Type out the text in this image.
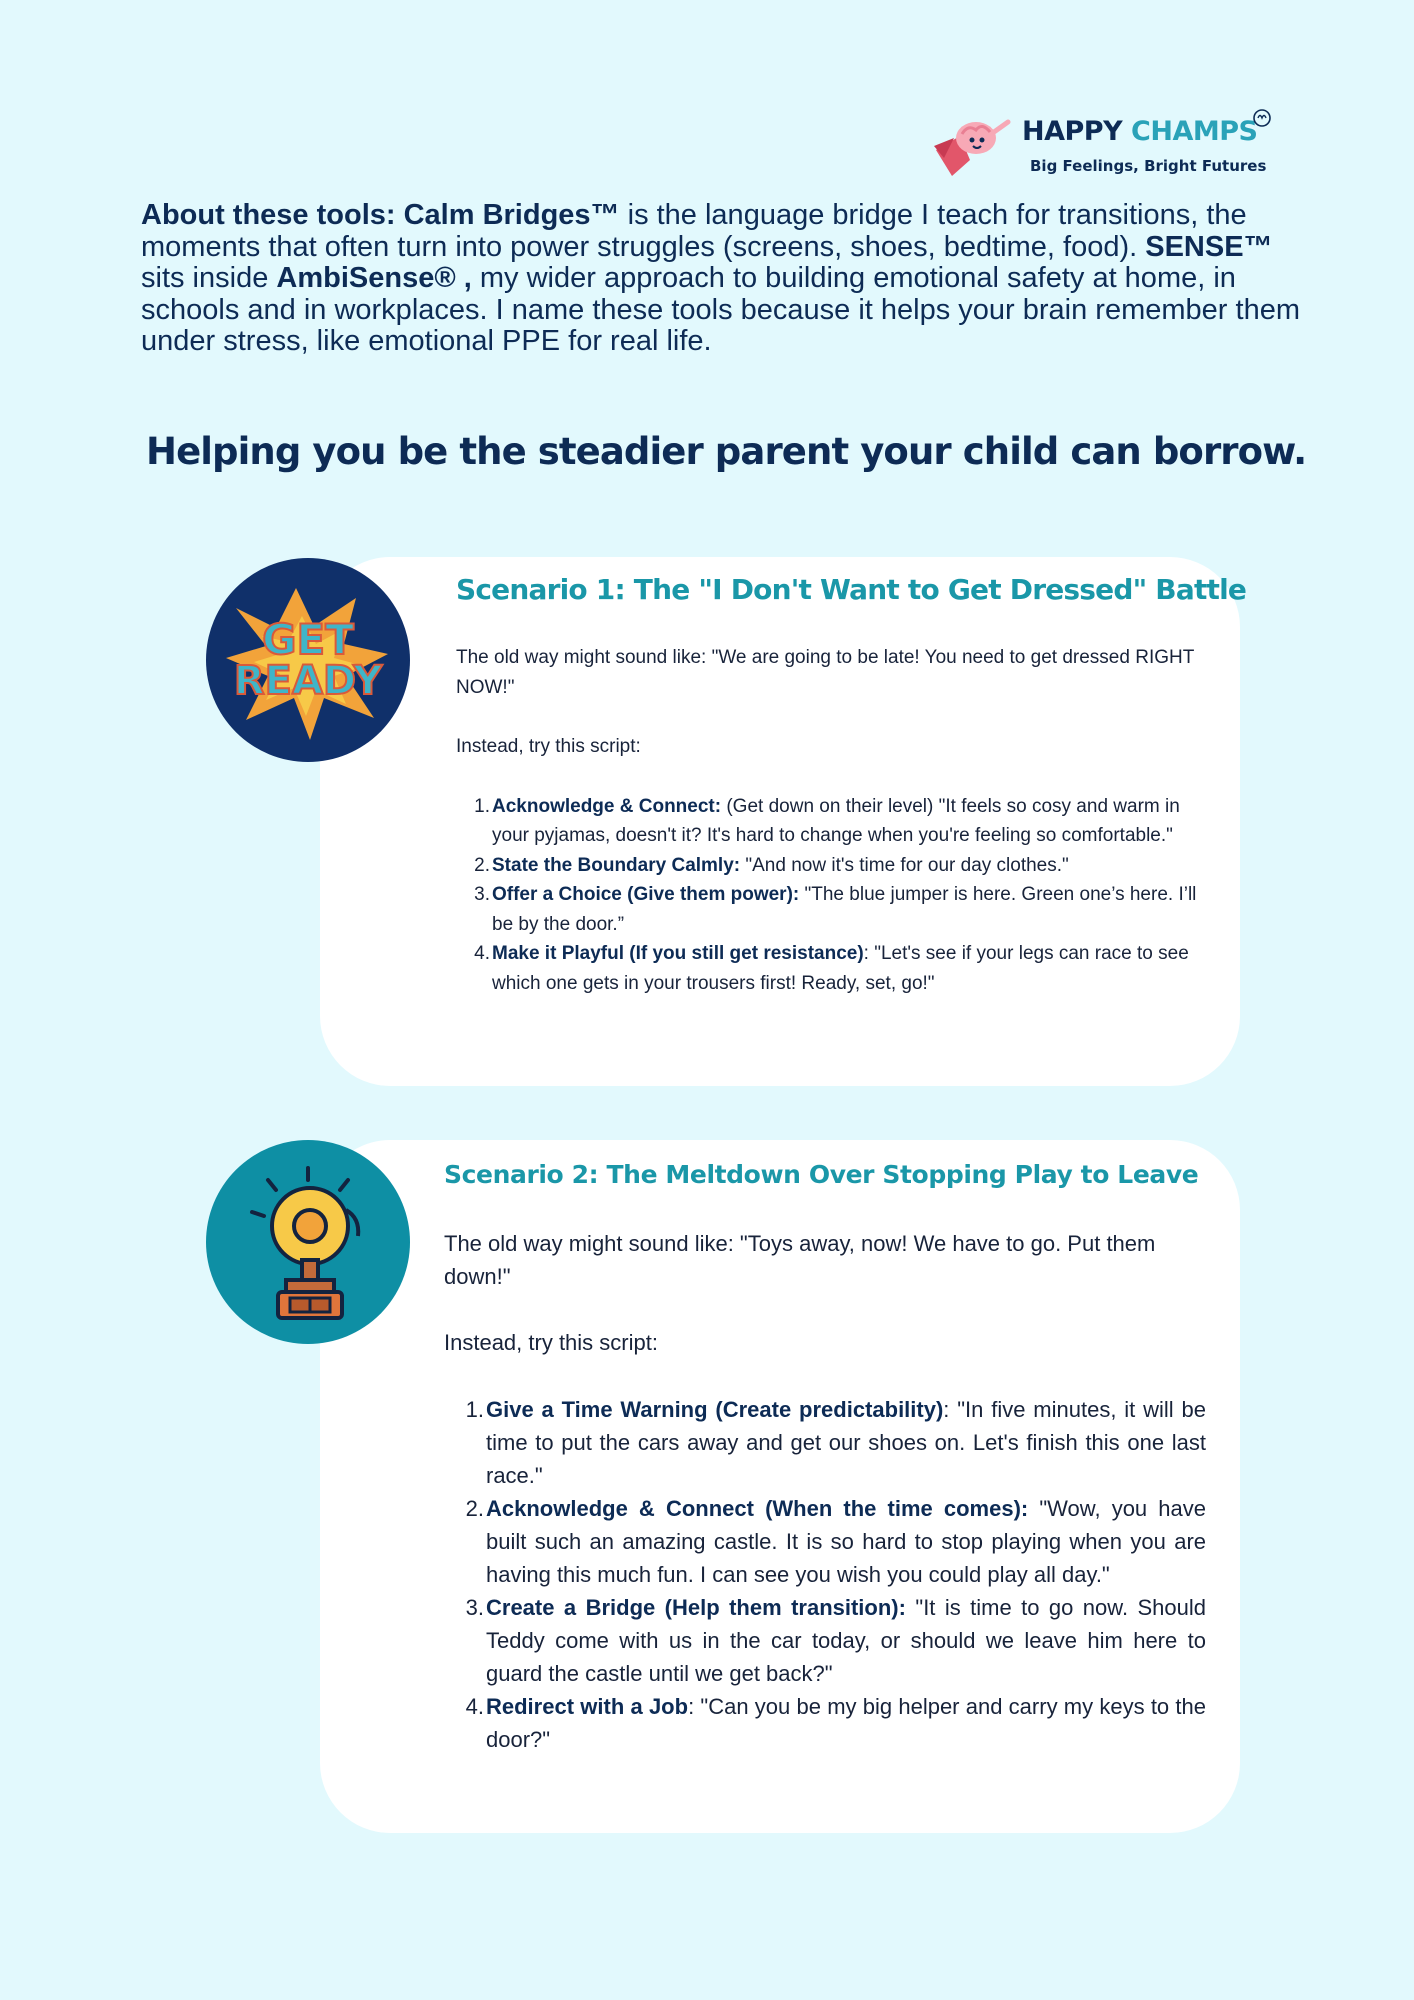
HAPPY CHAMPS
Big Feelings, Bright Futures
About these tools: Calm Bridges™ is the language bridge I teach for transitions, the moments that often turn into power struggles (screens, shoes, bedtime, food). SENSE™ sits inside AmbiSense® , my wider approach to building emotional safety at home, in schools and in workplaces. I name these tools because it helps your brain remember them under stress, like emotional PPE for real life.
Helping you be the steadier parent your child can borrow.
GET
READY
Scenario 1: The "I Don't Want to Get Dressed" Battle

The old way might sound like: "We are going to be late! You need to get dressed RIGHT NOW!"

Instead, try this script:

1. Acknowledge & Connect: (Get down on their level) "It feels so cosy and warm in your pyjamas, doesn't it? It's hard to change when you're feeling so comfortable."
2. State the Boundary Calmly: "And now it's time for our day clothes."
3. Offer a Choice (Give them power): "The blue jumper is here. Green one’s here. I’ll be by the door.”
4. Make it Playful (If you still get resistance): "Let's see if your legs can race to see which one gets in your trousers first! Ready, set, go!"
Scenario 2: The Meltdown Over Stopping Play to Leave

The old way might sound like: "Toys away, now! We have to go. Put them down!"

Instead, try this script:

1. Give a Time Warning (Create predictability): "In five minutes, it will be time to put the cars away and get our shoes on. Let's finish this one last race."
2. Acknowledge & Connect (When the time comes): "Wow, you have built such an amazing castle. It is so hard to stop playing when you are having this much fun. I can see you wish you could play all day."
3. Create a Bridge (Help them transition): "It is time to go now. Should Teddy come with us in the car today, or should we leave him here to guard the castle until we get back?"
4. Redirect with a Job: "Can you be my big helper and carry my keys to the door?"
